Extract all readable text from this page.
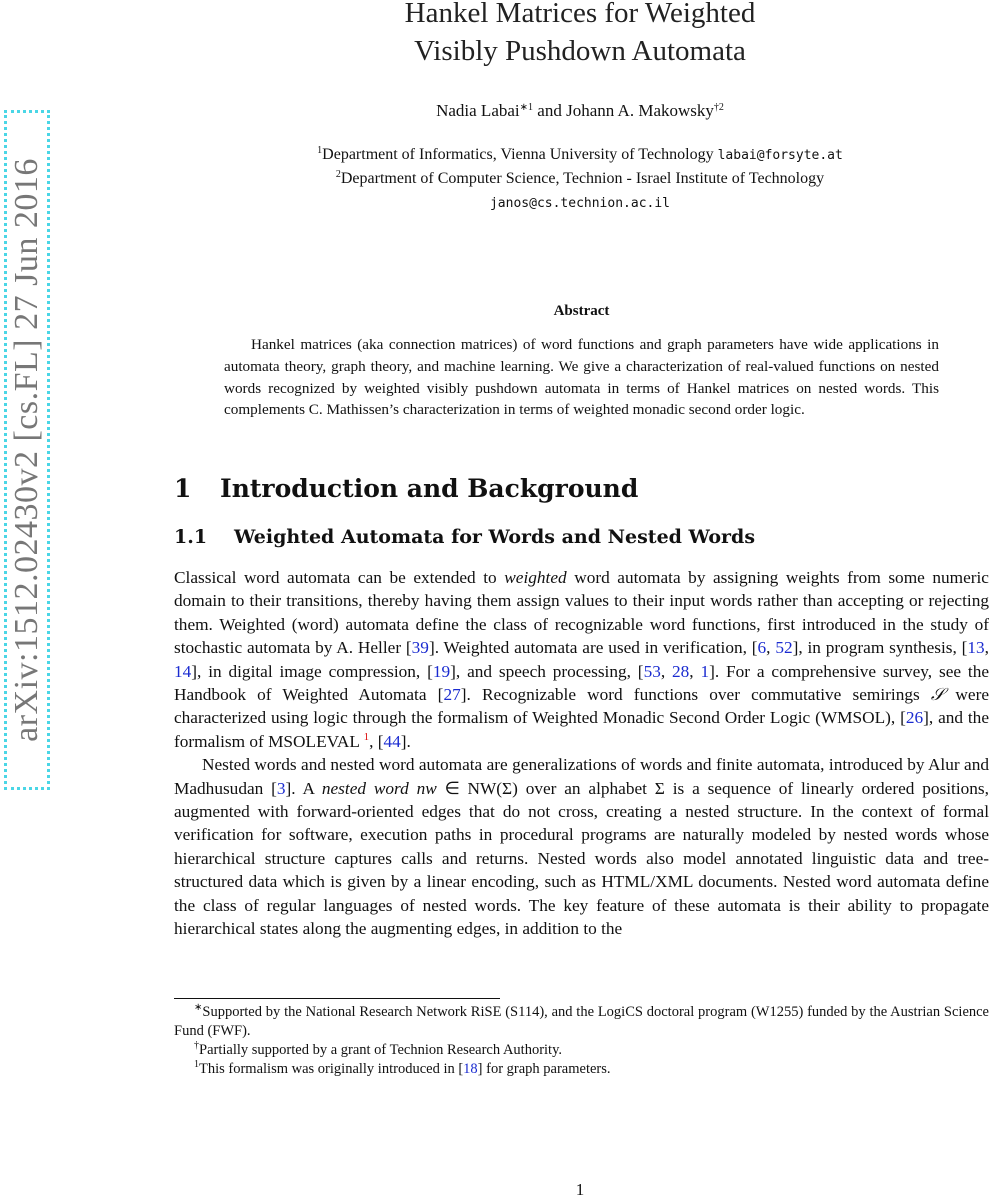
arXiv:1512.02430v2 [cs.FL] 27 Jun 2016
Hankel Matrices for Weighted
Visibly Pushdown Automata
Nadia Labai$^{∗1}$ and Johann A. Makowsky$^{\dagger 2}$
$^1$Department of Informatics, Vienna University of Technology labai@forsyte.at
$^2$Department of Computer Science, Technion - Israel Institute of Technology
janos@cs.technion.ac.il
Abstract

Hankel matrices (aka connection matrices) of word functions and graph parameters have wide applications in automata theory, graph theory, and machine learning. We give a characterization of real-valued functions on nested words recognized by weighted visibly pushdown automata in terms of Hankel matrices on nested words. This complements C. Mathissen’s characterization in terms of weighted monadic second order logic.

1 Introduction and Background
1.1 Weighted Automata for Words and Nested Words

Classical word automata can be extended to weighted word automata by assigning weights from some numeric domain to their transitions, thereby having them assign values to their input words rather than accepting or rejecting them. Weighted (word) automata define the class of recognizable word functions, first introduced in the study of stochastic automata by A. Heller [39]. Weighted automata are used in verification, [6, 52], in program synthesis, [13, 14], in digital image compression, [19], and speech processing, [53, 28, 1]. For a comprehensive survey, see the Handbook of Weighted Automata [27]. Recognizable word functions over commutative semirings 𝒮 were characterized using logic through the formalism of Weighted Monadic Second Order Logic (WMSOL), [26], and the formalism of MSOLEVAL $^1$, [44].

Nested words and nested word automata are generalizations of words and finite automata, introduced by Alur and Madhusudan [3]. A nested word nw ∈ NW(Σ) over an alphabet Σ is a sequence of linearly ordered positions, augmented with forward-oriented edges that do not cross, creating a nested structure. In the context of formal verification for software, execution paths in procedural programs are naturally modeled by nested words whose hierarchical structure captures calls and returns. Nested words also model annotated linguistic data and tree-structured data which is given by a linear encoding, such as HTML/XML documents. Nested word automata define the class of regular languages of nested words. The key feature of these automata is their ability to propagate hierarchical states along the augmenting edges, in addition to the

∗Supported by the National Research Network RiSE (S114), and the LogiCS doctoral program (W1255) funded by the Austrian Science Fund (FWF).

†Partially supported by a grant of Technion Research Authority.

$^1$This formalism was originally introduced in [18] for graph parameters.

1
